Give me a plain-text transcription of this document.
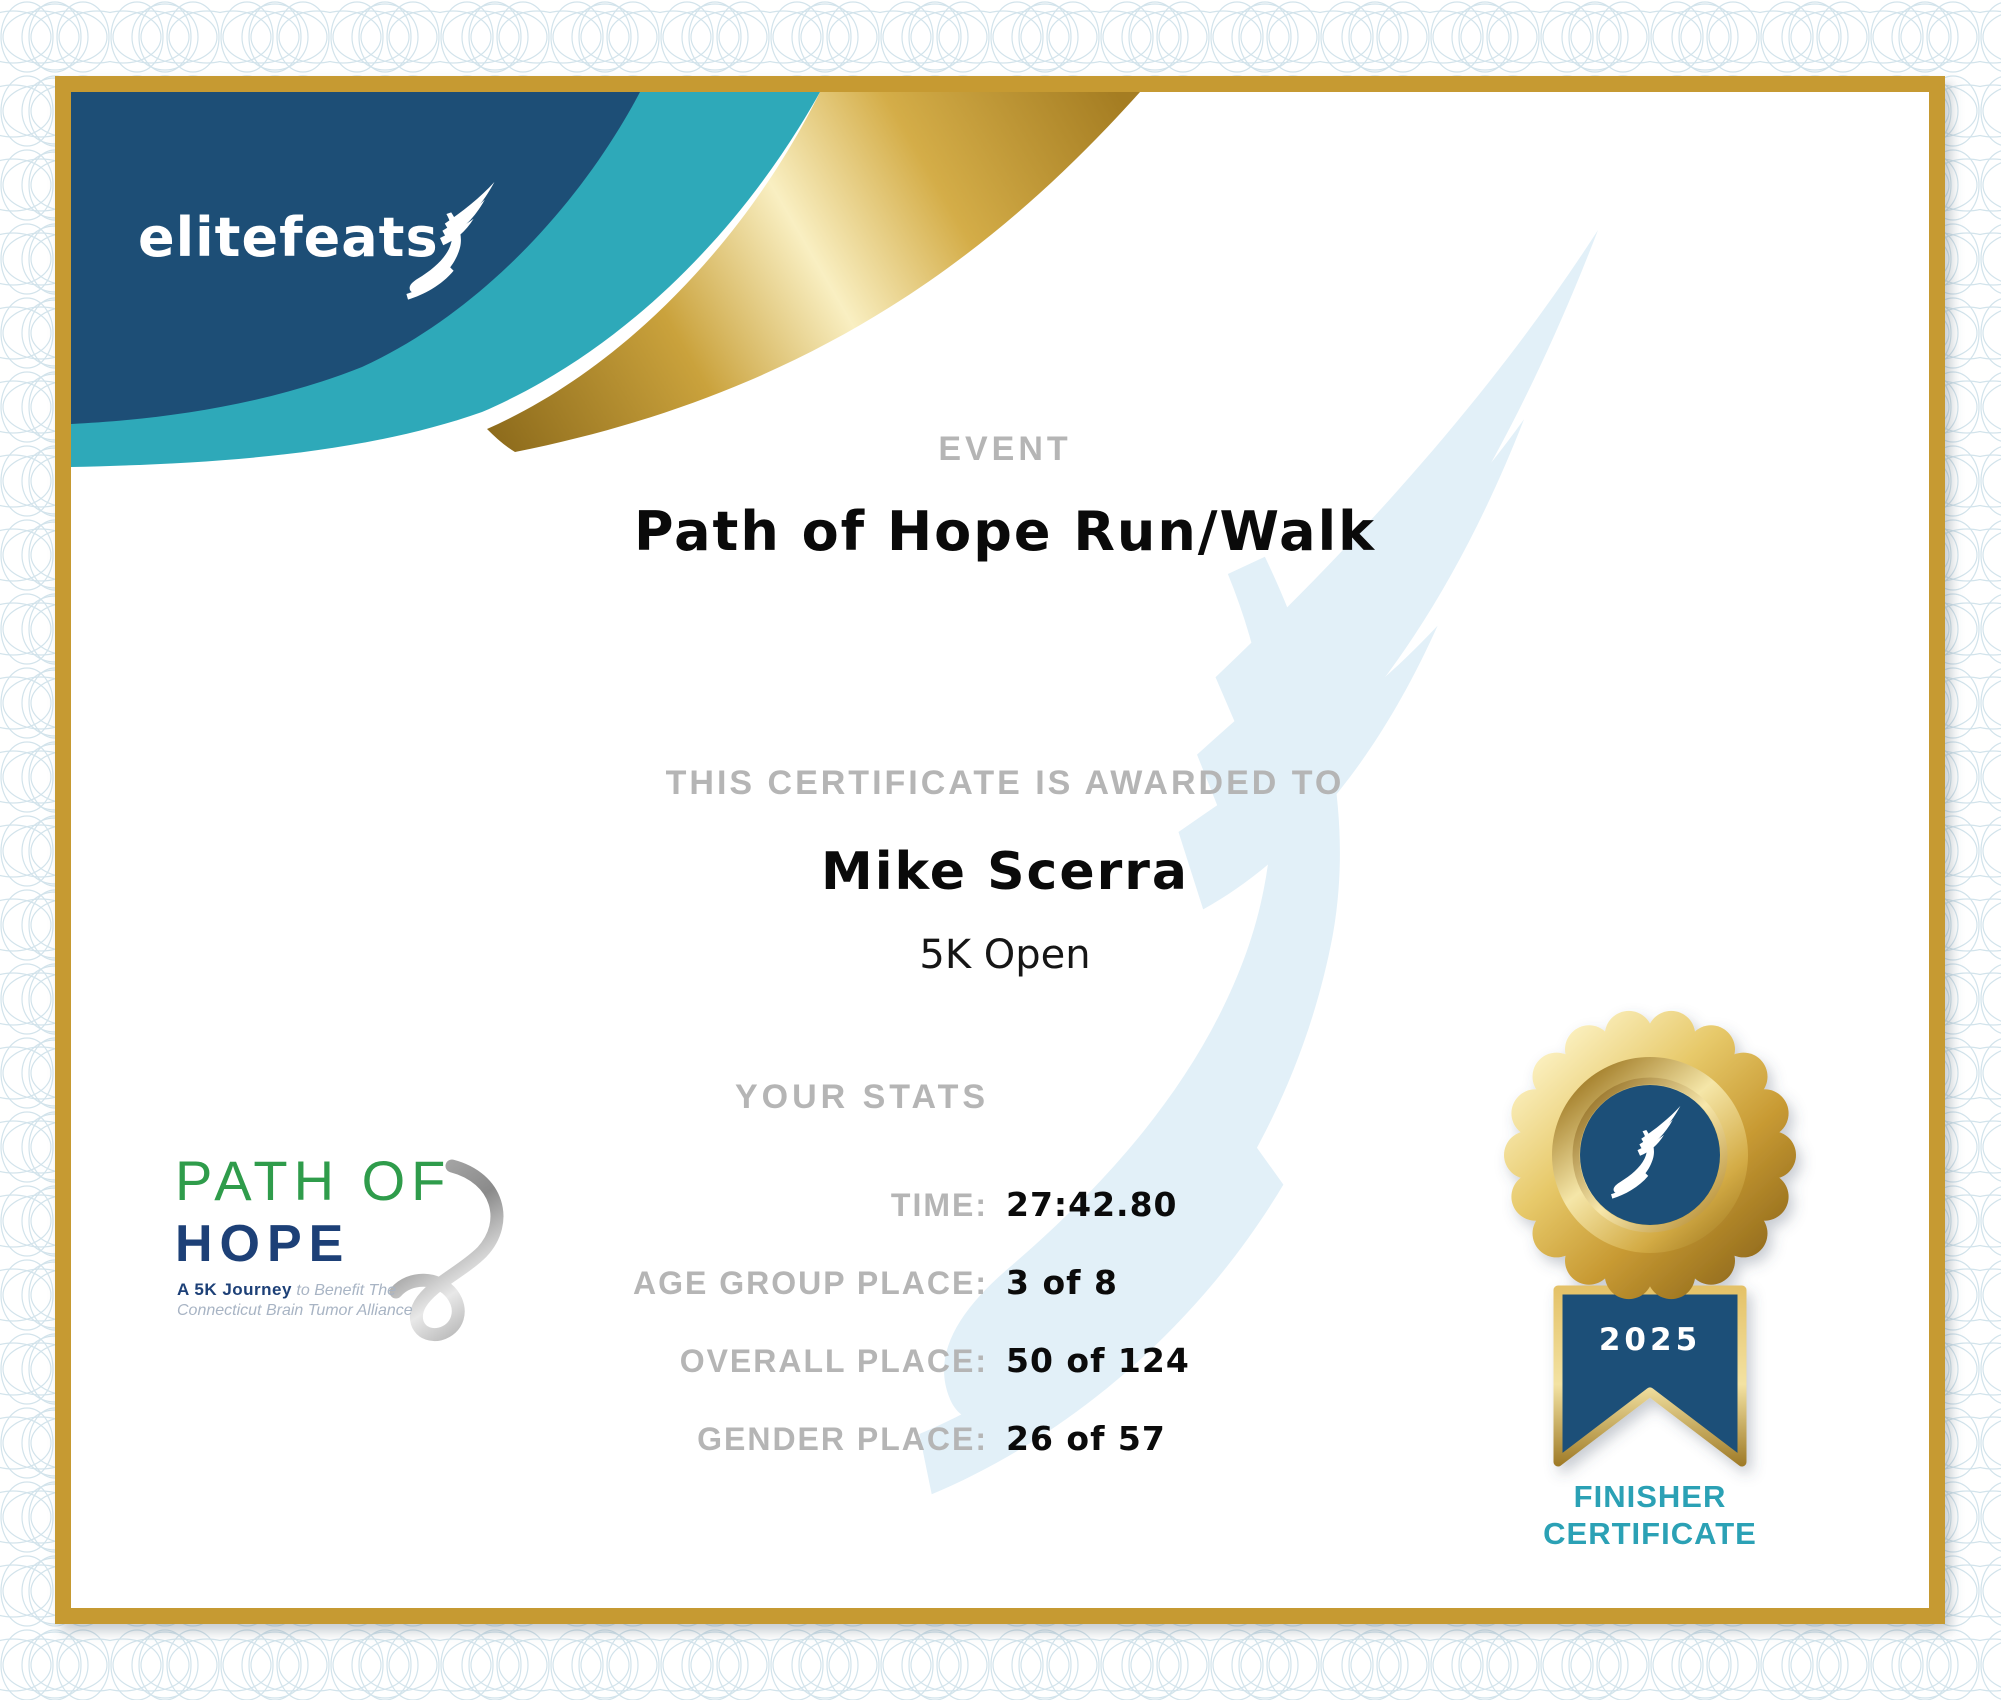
elitefeats
EVENT
Path of Hope Run/Walk
THIS CERTIFICATE IS AWARDED TO
Mike Scerra
5K Open
YOUR STATS
TIME: 27:42.80
AGE GROUP PLACE: 3 of 8
OVERALL PLACE: 50 of 124
GENDER PLACE: 26 of 57
PATH OF
HOPE
A 5K Journey to Benefit The
Connecticut Brain Tumor Alliance
2025
FINISHER
CERTIFICATE
